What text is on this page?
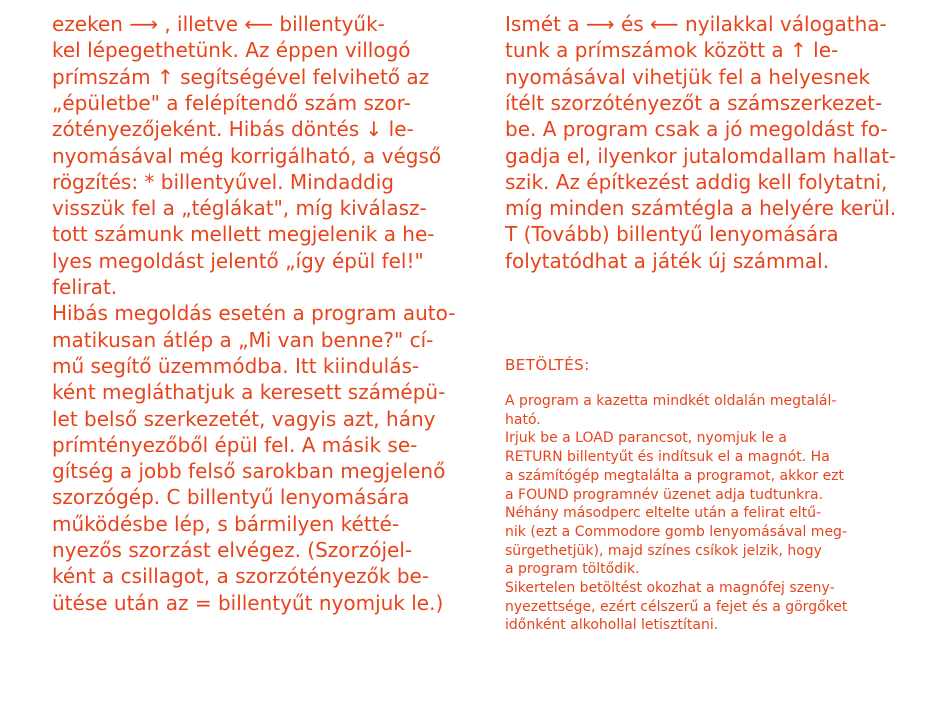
ezeken ⟶ , illetve ⟵ billentyűk-
kel lépegethetünk. Az éppen villogó
prímszám ↑ segítségével felvihető az
„épületbe" a felépítendő szám szor-
zótényezőjeként. Hibás döntés ↓ le-
nyomásával még korrigálható, a végső
rögzítés: * billentyűvel. Mindaddig
visszük fel a „téglákat", míg kiválasz-
tott számunk mellett megjelenik a he-
lyes megoldást jelentő „így épül fel!"
felirat.
Hibás megoldás esetén a program auto-
matikusan átlép a „Mi van benne?" cí-
mű segítő üzemmódba. Itt kiindulás-
ként megláthatjuk a keresett számépü-
let belső szerkezetét, vagyis azt, hány
prímtényezőből épül fel. A másik se-
gítség a jobb felső sarokban megjelenő
szorzógép. C billentyű lenyomására
működésbe lép, s bármilyen kétté-
nyezős szorzást elvégez. (Szorzójel-
ként a csillagot, a szorzótényezők be-
ütése után az = billentyűt nyomjuk le.)
Ismét a ⟶ és ⟵ nyilakkal válogatha-
tunk a prímszámok között a ↑ le-
nyomásával vihetjük fel a helyesnek
ítélt szorzótényezőt a számszerkezet-
be. A program csak a jó megoldást fo-
gadja el, ilyenkor jutalomdallam hallat-
szik. Az építkezést addig kell folytatni,
míg minden számtégla a helyére kerül.
T (Tovább) billentyű lenyomására
folytatódhat a játék új számmal.
BETÖLTÉS:
A program a kazetta mindkét oldalán megtalál-
ható.
Irjuk be a LOAD parancsot, nyomjuk le a
RETURN billentyűt és indítsuk el a magnót. Ha
a számítógép megtalálta a programot, akkor ezt
a FOUND programnév üzenet adja tudtunkra.
Néhány másodperc eltelte után a felirat eltű-
nik (ezt a Commodore gomb lenyomásával meg-
sürgethetjük), majd színes csíkok jelzik, hogy
a program töltődik.
Sikertelen betöltést okozhat a magnófej szeny-
nyezettsége, ezért célszerű a fejet és a görgőket
időnként alkohollal letisztítani.
